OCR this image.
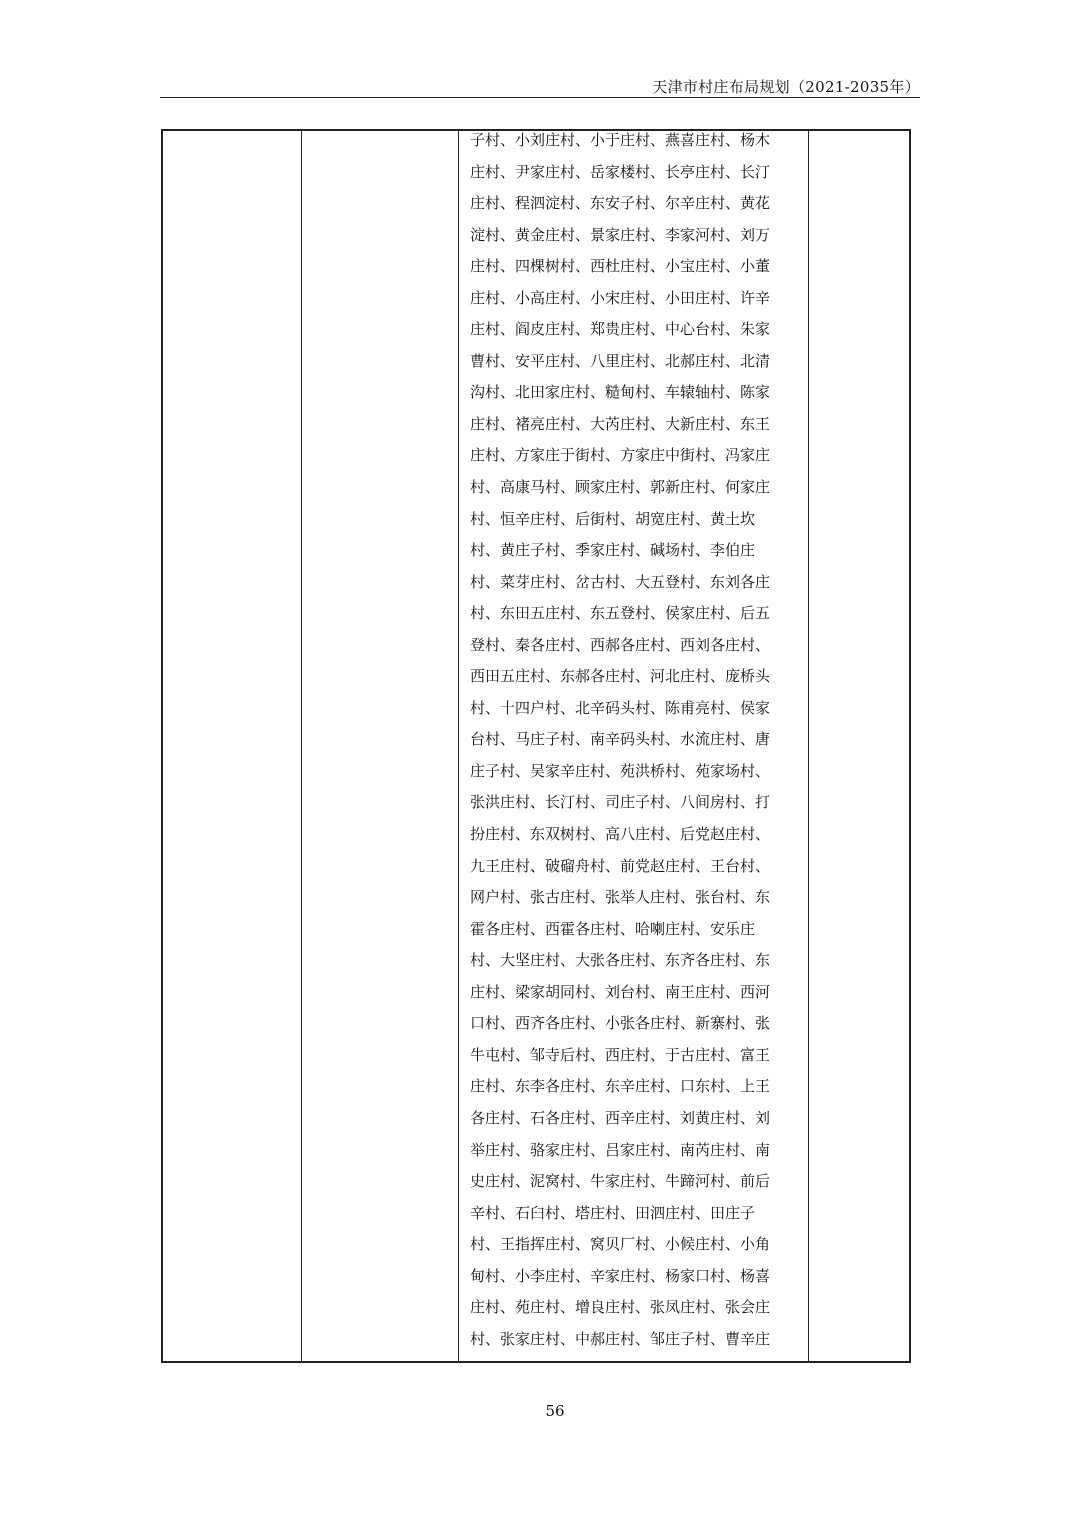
天津市村庄布局规划（2021-2035年）
子村、小刘庄村、小于庄村、燕喜庄村、杨木
庄村、尹家庄村、岳家楼村、长亭庄村、长汀
庄村、程泗淀村、东安子村、尔辛庄村、黄花
淀村、黄金庄村、景家庄村、李家河村、刘万
庄村、四棵树村、西杜庄村、小宝庄村、小董
庄村、小高庄村、小宋庄村、小田庄村、许辛
庄村、阎皮庄村、郑贵庄村、中心台村、朱家
曹村、安平庄村、八里庄村、北郝庄村、北清
沟村、北田家庄村、糙甸村、车辕轴村、陈家
庄村、褚亮庄村、大芮庄村、大新庄村、东王
庄村、方家庄于街村、方家庄中街村、冯家庄
村、高康马村、顾家庄村、郭新庄村、何家庄
村、恒辛庄村、后街村、胡宽庄村、黄土坎
村、黄庄子村、季家庄村、碱场村、李伯庄
村、菜芽庄村、岔古村、大五登村、东刘各庄
村、东田五庄村、东五登村、侯家庄村、后五
登村、秦各庄村、西郝各庄村、西刘各庄村、
西田五庄村、东郝各庄村、河北庄村、庞桥头
村、十四户村、北辛码头村、陈甫亮村、侯家
台村、马庄子村、南辛码头村、水流庄村、唐
庄子村、吴家辛庄村、苑洪桥村、苑家场村、
张洪庄村、长汀村、司庄子村、八间房村、打
扮庄村、东双树村、高八庄村、后党赵庄村、
九王庄村、破磂舟村、前党赵庄村、王台村、
网户村、张古庄村、张举人庄村、张台村、东
霍各庄村、西霍各庄村、哈喇庄村、安乐庄
村、大坚庄村、大张各庄村、东齐各庄村、东
庄村、梁家胡同村、刘台村、南王庄村、西河
口村、西齐各庄村、小张各庄村、新寨村、张
牛屯村、邹寺后村、西庄村、于古庄村、富王
庄村、东李各庄村、东辛庄村、口东村、上王
各庄村、石各庄村、西辛庄村、刘黄庄村、刘
举庄村、骆家庄村、吕家庄村、南芮庄村、南
史庄村、泥窝村、牛家庄村、牛蹄河村、前后
辛村、石臼村、塔庄村、田泗庄村、田庄子
村、王指挥庄村、窝贝厂村、小候庄村、小角
甸村、小李庄村、辛家庄村、杨家口村、杨喜
庄村、苑庄村、增良庄村、张凤庄村、张会庄
村、张家庄村、中郝庄村、邹庄子村、曹辛庄
56
